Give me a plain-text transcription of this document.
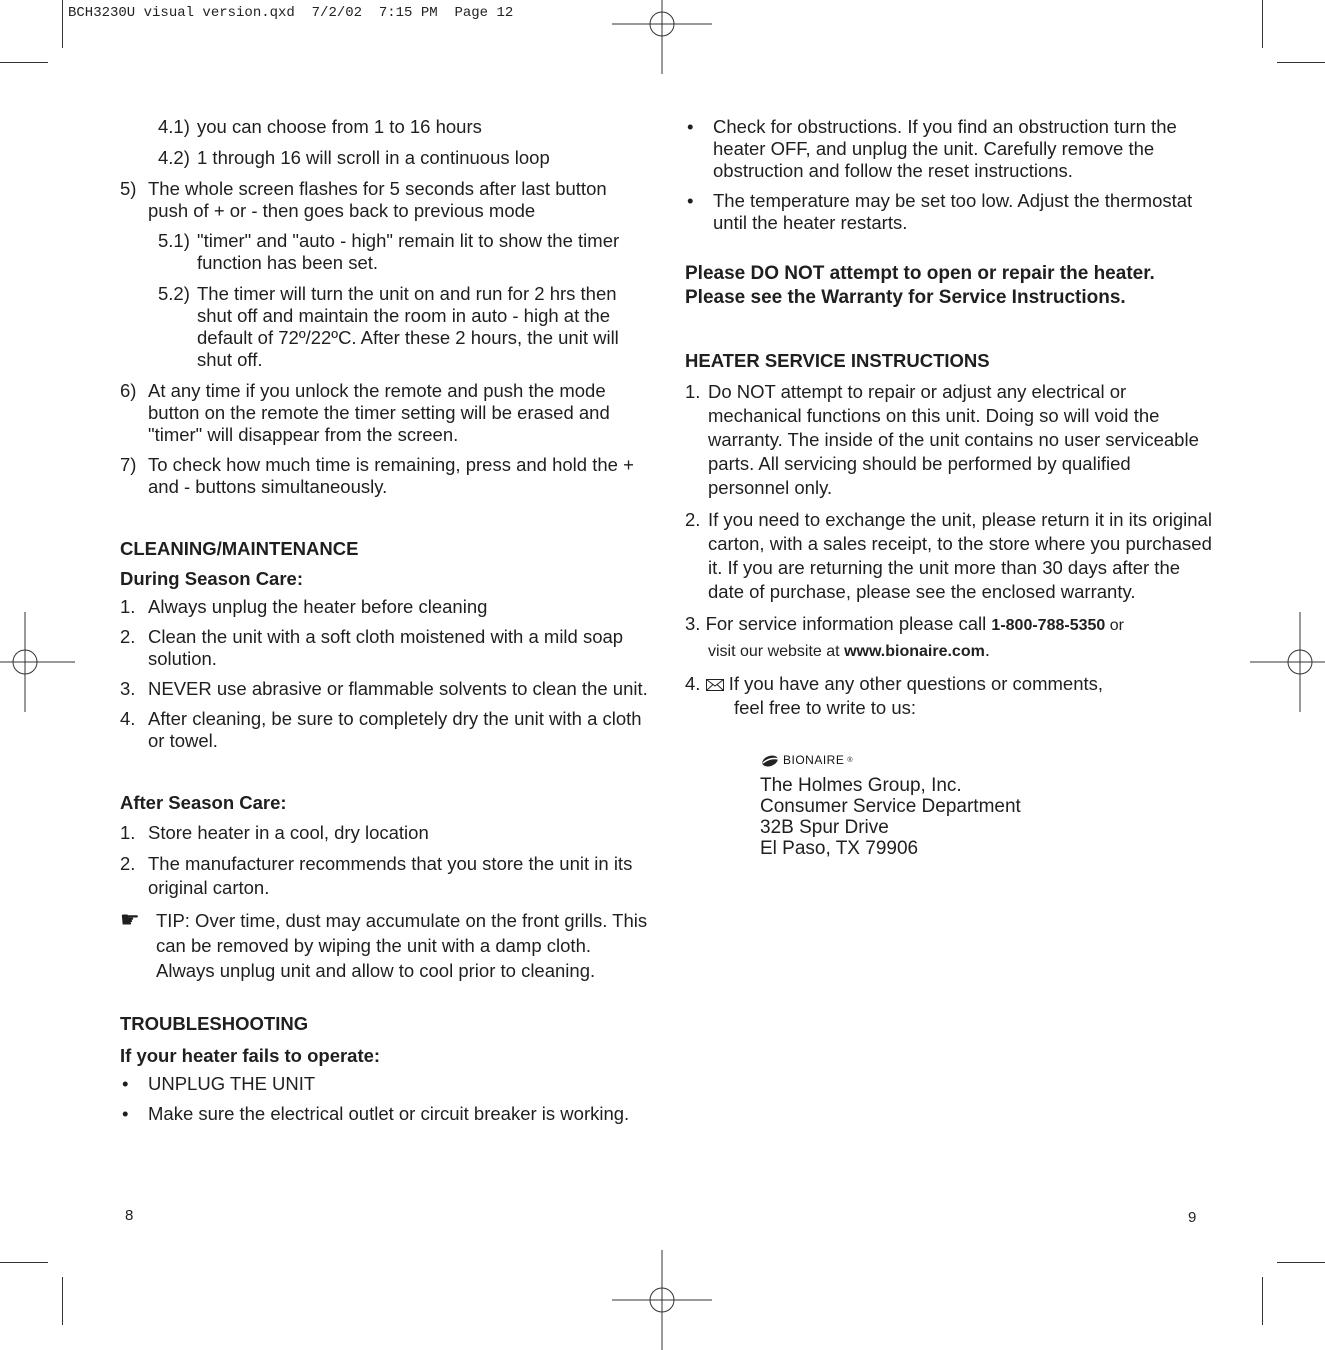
BCH3230U visual version.qxd  7/2/02  7:15 PM  Page 12
4.1) you can choose from 1 to 16 hours
4.2) 1 through 16 will scroll in a continuous loop
5) The whole screen flashes for 5 seconds after last button push of + or - then goes back to previous mode
5.1) "timer" and "auto - high" remain lit to show the timer function has been set.
5.2) The timer will turn the unit on and run for 2 hrs then shut off and maintain the room in auto - high at the default of 72º/22ºC. After these 2 hours, the unit will shut off.
6) At any time if you unlock the remote and push the mode button on the remote the timer setting will be erased and "timer" will disappear from the screen.
7) To check how much time is remaining, press and hold the + and - buttons simultaneously.
CLEANING/MAINTENANCE
During Season Care:
1. Always unplug the heater before cleaning
2. Clean the unit with a soft cloth moistened with a mild soap solution.
3. NEVER use abrasive or flammable solvents to clean the unit.
4. After cleaning, be sure to completely dry the unit with a cloth or towel.
After Season Care:
1. Store heater in a cool, dry location
2. The manufacturer recommends that you store the unit in its original carton.
☛ TIP: Over time, dust may accumulate on the front grills. This can be removed by wiping the unit with a damp cloth. Always unplug unit and allow to cool prior to cleaning.
TROUBLESHOOTING
If your heater fails to operate:
• UNPLUG THE UNIT
• Make sure the electrical outlet or circuit breaker is working.
8
• Check for obstructions. If you find an obstruction turn the heater OFF, and unplug the unit. Carefully remove the obstruction and follow the reset instructions.
• The temperature may be set too low. Adjust the thermostat until the heater restarts.
Please DO NOT attempt to open or repair the heater.
Please see the Warranty for Service Instructions.
HEATER SERVICE INSTRUCTIONS
1. Do NOT attempt to repair or adjust any electrical or mechanical functions on this unit. Doing so will void the warranty. The inside of the unit contains no user serviceable parts. All servicing should be performed by qualified personnel only.
2. If you need to exchange the unit, please return it in its original carton, with a sales receipt, to the store where you purchased it. If you are returning the unit more than 30 days after the date of purchase, please see the enclosed warranty.
3. For service information please call 1-800-788-5350 or
visit our website at www.bionaire.com.
4. If you have any other questions or comments,
feel free to write to us:
BIONAIRE ®
The Holmes Group, Inc.
Consumer Service Department
32B Spur Drive
El Paso, TX 79906
9
